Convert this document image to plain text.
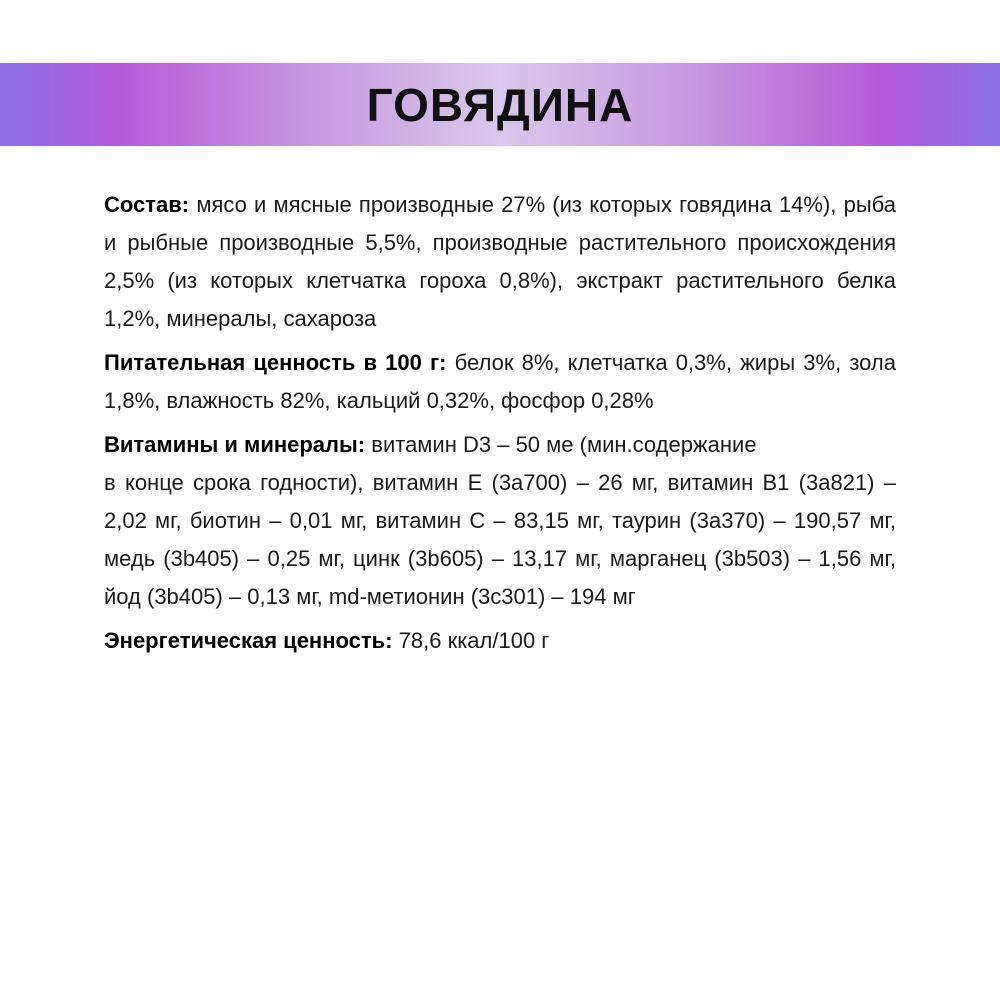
ГОВЯДИНА

Состав: мясо и мясные производные 27% (из которых говядина 14%), рыба и рыбные производные 5,5%, производные растительного происхождения 2,5% (из которых клетчатка гороха 0,8%), экстракт растительного белка 1,2%, минералы, сахароза

Питательная ценность в 100 г: белок 8%, клетчатка 0,3%, жиры 3%, зола 1,8%, влажность 82%, кальций 0,32%, фосфор 0,28%

Витамины и минералы: витамин D3 – 50 ме (мин.содержание

в конце срока годности), витамин Е (3а700) – 26 мг, витамин В1 (3а821) – 2,02 мг, биотин – 0,01 мг, витамин С – 83,15 мг, таурин (3а370) – 190,57 мг, медь (3b405) – 0,25 мг, цинк (3b605) – 13,17 мг, марганец (3b503) – 1,56 мг, йод (3b405) – 0,13 мг, md-метионин (3с301) – 194 мг

Энергетическая ценность: 78,6 ккал/100 г
